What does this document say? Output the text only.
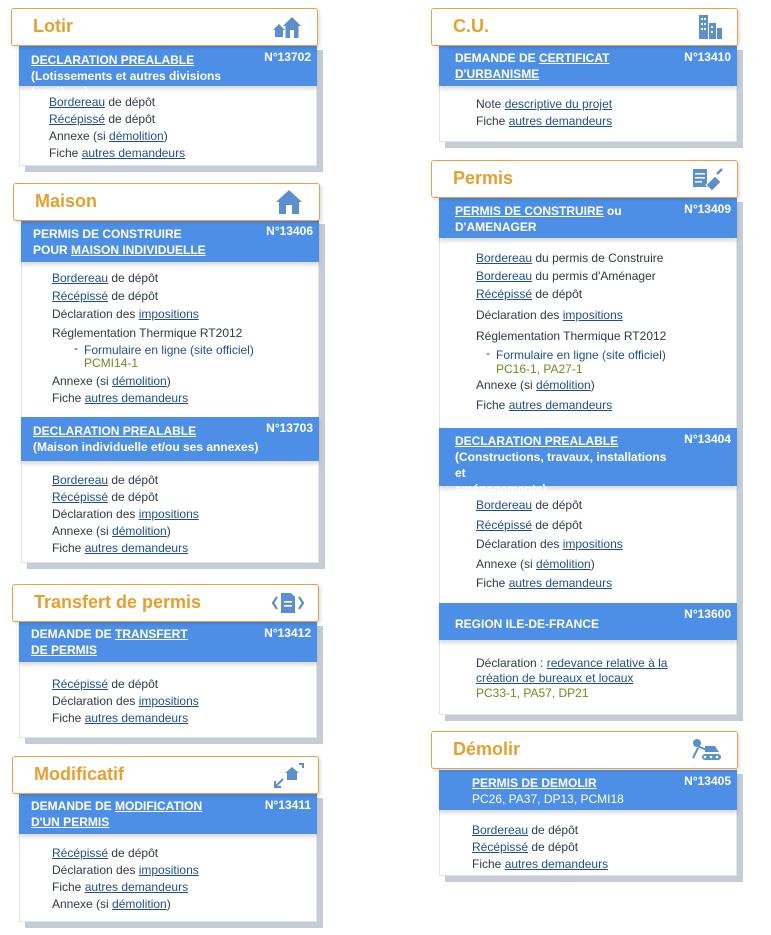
DECLARATION PREALABLE
(Lotissements et autres divisions foncières)
N°13702
Bordereau de dépôt
Récépissé de dépôt
Annexe (si démolition)
Fiche autres demandeurs
Lotir
PERMIS DE CONSTRUIRE
POUR MAISON INDIVIDUELLE
N°13406
Bordereau de dépôt
Récépissé de dépôt
Déclaration des impositions
Réglementation Thermique RT2012
- Formulaire en ligne (site officiel)
PCMI14-1
Annexe (si démolition)
Fiche autres demandeurs
DECLARATION PREALABLE
(Maison individuelle et/ou ses annexes)
N°13703
Bordereau de dépôt
Récépissé de dépôt
Déclaration des impositions
Annexe (si démolition)
Fiche autres demandeurs
Maison
DEMANDE DE TRANSFERT
DE PERMIS
N°13412
Récépissé de dépôt
Déclaration des impositions
Fiche autres demandeurs
Transfert de permis
DEMANDE DE MODIFICATION
D'UN PERMIS
N°13411
Récépissé de dépôt
Déclaration des impositions
Fiche autres demandeurs
Annexe (si démolition)
Modificatif
DEMANDE DE CERTIFICAT
D'URBANISME
N°13410
Note descriptive du projet
Fiche autres demandeurs
C.U.
PERMIS DE CONSTRUIRE ou
D'AMENAGER
N°13409
Bordereau du permis de Construire
Bordereau du permis d'Aménager
Récépissé de dépôt
Déclaration des impositions
Réglementation Thermique RT2012
- Formulaire en ligne (site officiel)
PC16-1, PA27-1
Annexe (si démolition)
Fiche autres demandeurs
DECLARATION PREALABLE
(Constructions, travaux, installations et
aménagements)
N°13404
Bordereau de dépôt
Récépissé de dépôt
Déclaration des impositions
Annexe (si démolition)
Fiche autres demandeurs
REGION ILE-DE-FRANCE
N°13600
Déclaration : redevance relative à la
création de bureaux et locaux
PC33-1, PA57, DP21
Permis
PERMIS DE DEMOLIR
PC26, PA37, DP13, PCMI18
N°13405
Bordereau de dépôt
Récépissé de dépôt
Fiche autres demandeurs
Démolir
